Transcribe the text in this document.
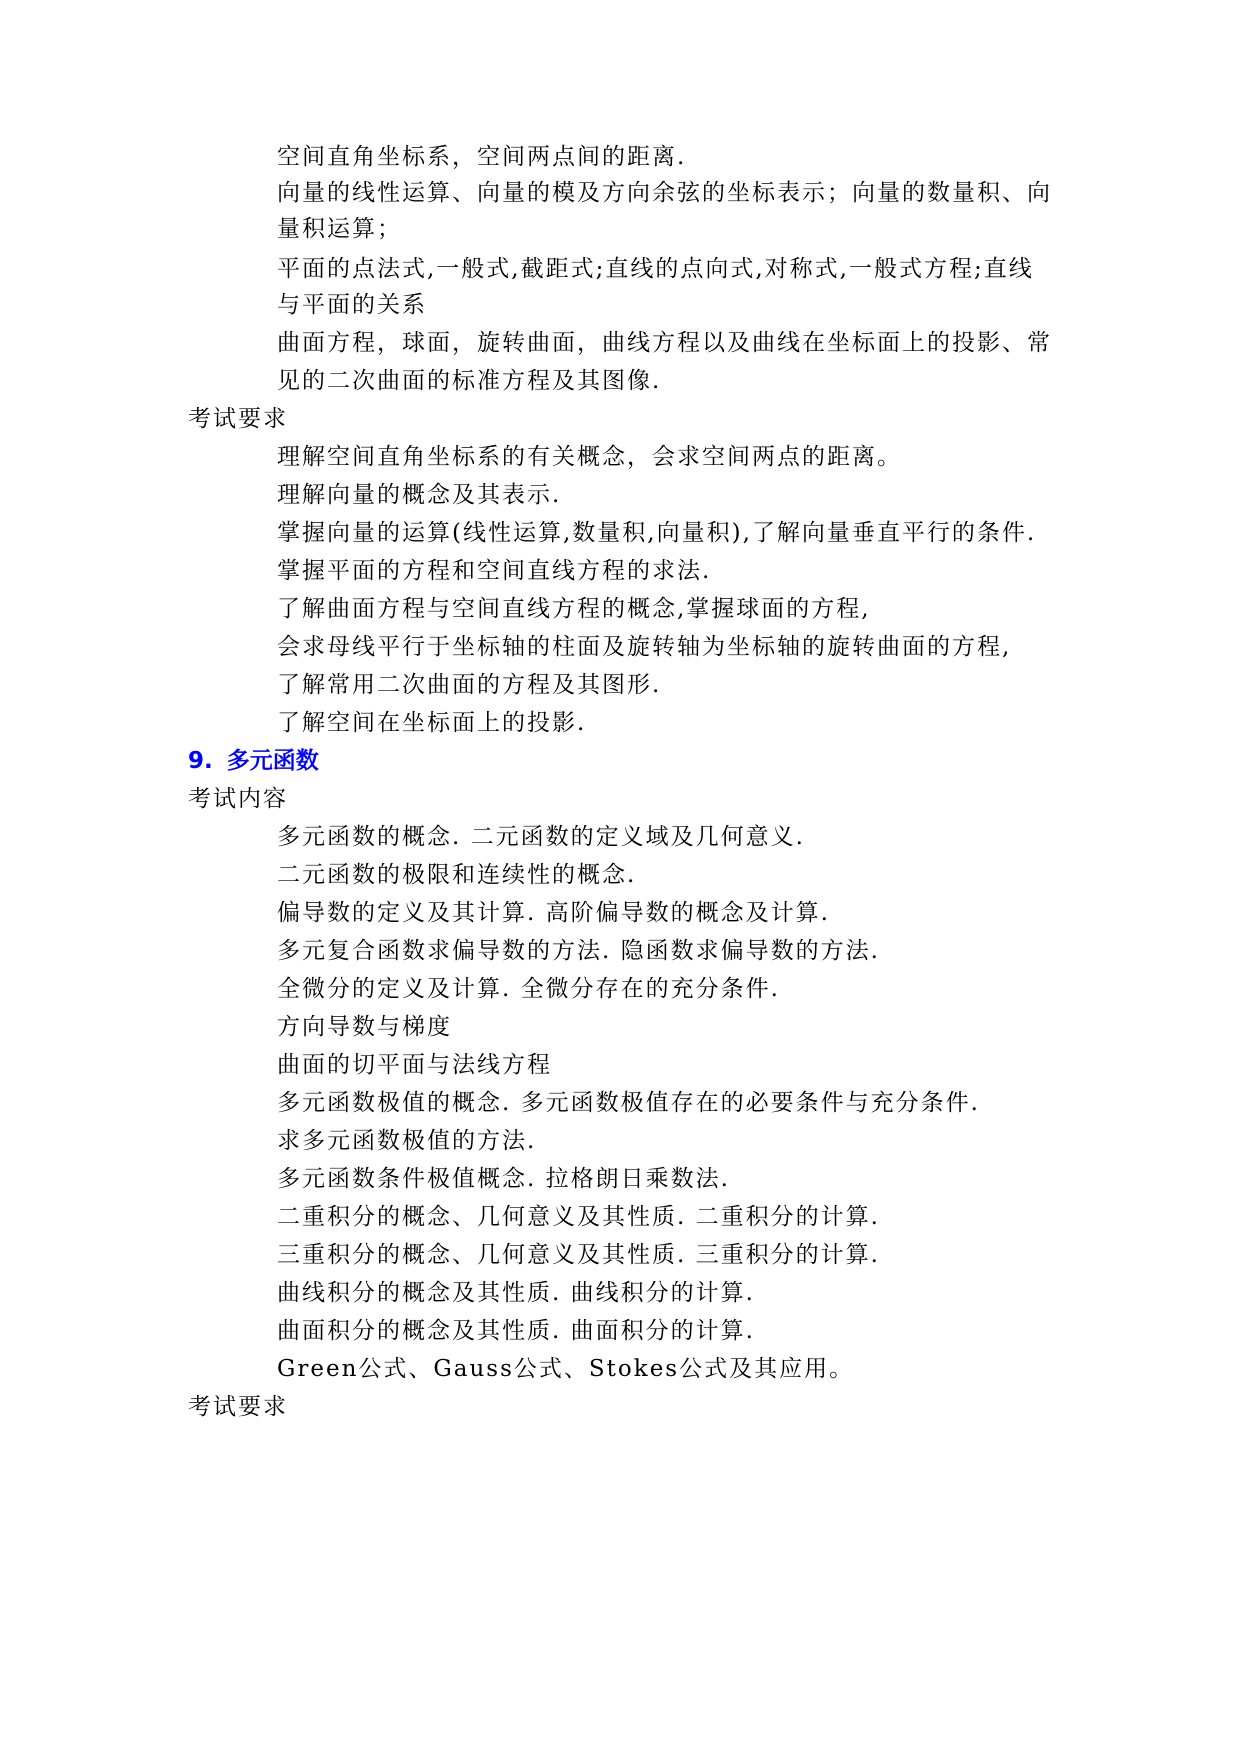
空间直角坐标系，空间两点间的距离.
向量的线性运算、向量的模及方向余弦的坐标表示；向量的数量积、向
量积运算；
平面的点法式,一般式,截距式;直线的点向式,对称式,一般式方程;直线
与平面的关系
曲面方程，球面，旋转曲面，曲线方程以及曲线在坐标面上的投影、常
见的二次曲面的标准方程及其图像.
考试要求
理解空间直角坐标系的有关概念，会求空间两点的距离。
理解向量的概念及其表示.
掌握向量的运算(线性运算,数量积,向量积),了解向量垂直平行的条件.
掌握平面的方程和空间直线方程的求法.
了解曲面方程与空间直线方程的概念,掌握球面的方程,
会求母线平行于坐标轴的柱面及旋转轴为坐标轴的旋转曲面的方程,
了解常用二次曲面的方程及其图形.
了解空间在坐标面上的投影.
9. 多元函数
考试内容
多元函数的概念. 二元函数的定义域及几何意义.
二元函数的极限和连续性的概念.
偏导数的定义及其计算. 高阶偏导数的概念及计算.
多元复合函数求偏导数的方法. 隐函数求偏导数的方法.
全微分的定义及计算. 全微分存在的充分条件.
方向导数与梯度
曲面的切平面与法线方程
多元函数极值的概念. 多元函数极值存在的必要条件与充分条件.
求多元函数极值的方法.
多元函数条件极值概念. 拉格朗日乘数法.
二重积分的概念、几何意义及其性质. 二重积分的计算.
三重积分的概念、几何意义及其性质. 三重积分的计算.
曲线积分的概念及其性质. 曲线积分的计算.
曲面积分的概念及其性质. 曲面积分的计算.
Green公式、Gauss公式、Stokes公式及其应用。
考试要求
